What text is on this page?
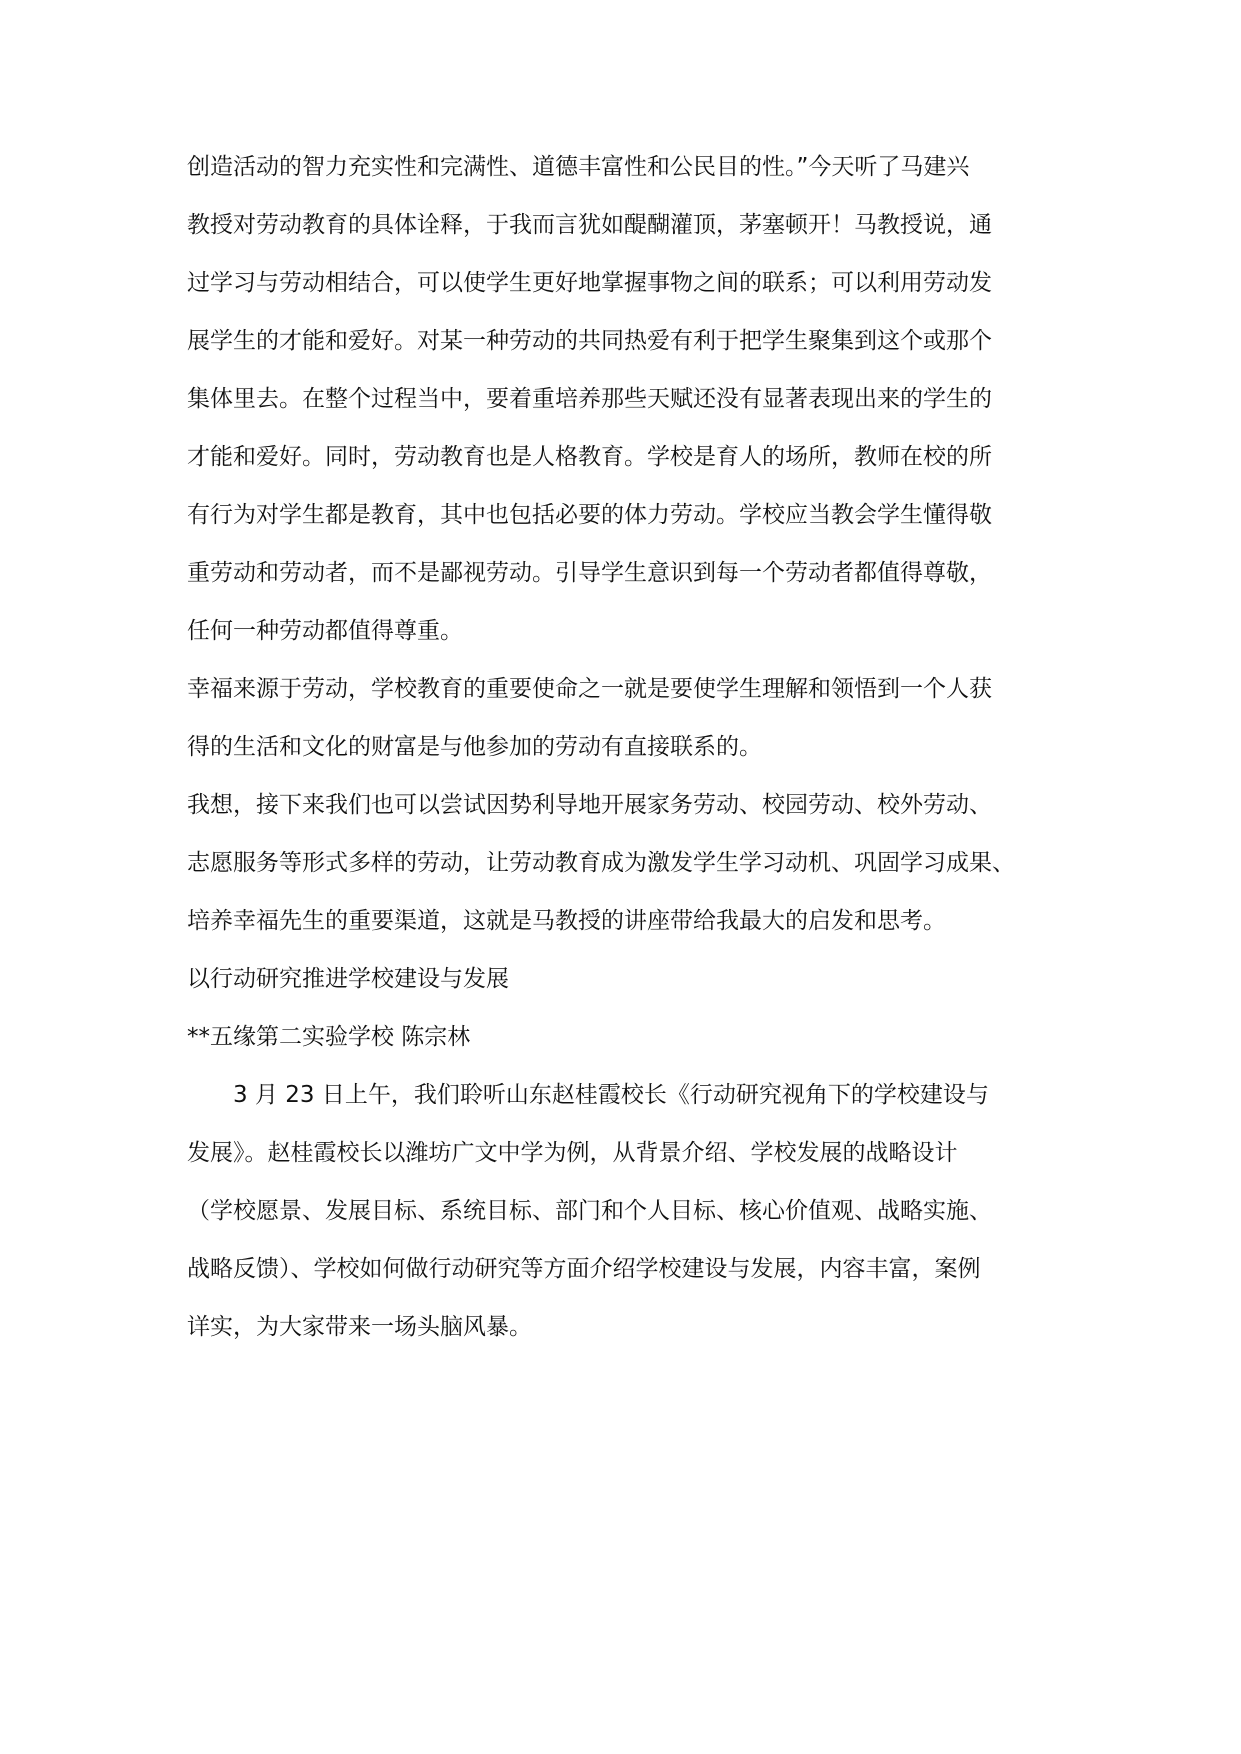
创造活动的智力充实性和完满性、道德丰富性和公民目的性。”今天听了马建兴
教授对劳动教育的具体诠释，于我而言犹如醍醐灌顶，茅塞顿开！马教授说，通
过学习与劳动相结合，可以使学生更好地掌握事物之间的联系；可以利用劳动发
展学生的才能和爱好。对某一种劳动的共同热爱有利于把学生聚集到这个或那个
集体里去。在整个过程当中，要着重培养那些天赋还没有显著表现出来的学生的
才能和爱好。同时，劳动教育也是人格教育。学校是育人的场所，教师在校的所
有行为对学生都是教育，其中也包括必要的体力劳动。学校应当教会学生懂得敬
重劳动和劳动者，而不是鄙视劳动。引导学生意识到每一个劳动者都值得尊敬，
任何一种劳动都值得尊重。
幸福来源于劳动，学校教育的重要使命之一就是要使学生理解和领悟到一个人获
得的生活和文化的财富是与他参加的劳动有直接联系的。
我想，接下来我们也可以尝试因势利导地开展家务劳动、校园劳动、校外劳动、
志愿服务等形式多样的劳动，让劳动教育成为激发学生学习动机、巩固学习成果、
培养幸福先生的重要渠道，这就是马教授的讲座带给我最大的启发和思考。
以行动研究推进学校建设与发展
**五缘第二实验学校 陈宗林
3 月 23 日上午，我们聆听山东赵桂霞校长《行动研究视角下的学校建设与
发展》。赵桂霞校长以潍坊广文中学为例，从背景介绍、学校发展的战略设计
（学校愿景、发展目标、系统目标、部门和个人目标、核心价值观、战略实施、
战略反馈）、学校如何做行动研究等方面介绍学校建设与发展，内容丰富，案例
详实，为大家带来一场头脑风暴。
